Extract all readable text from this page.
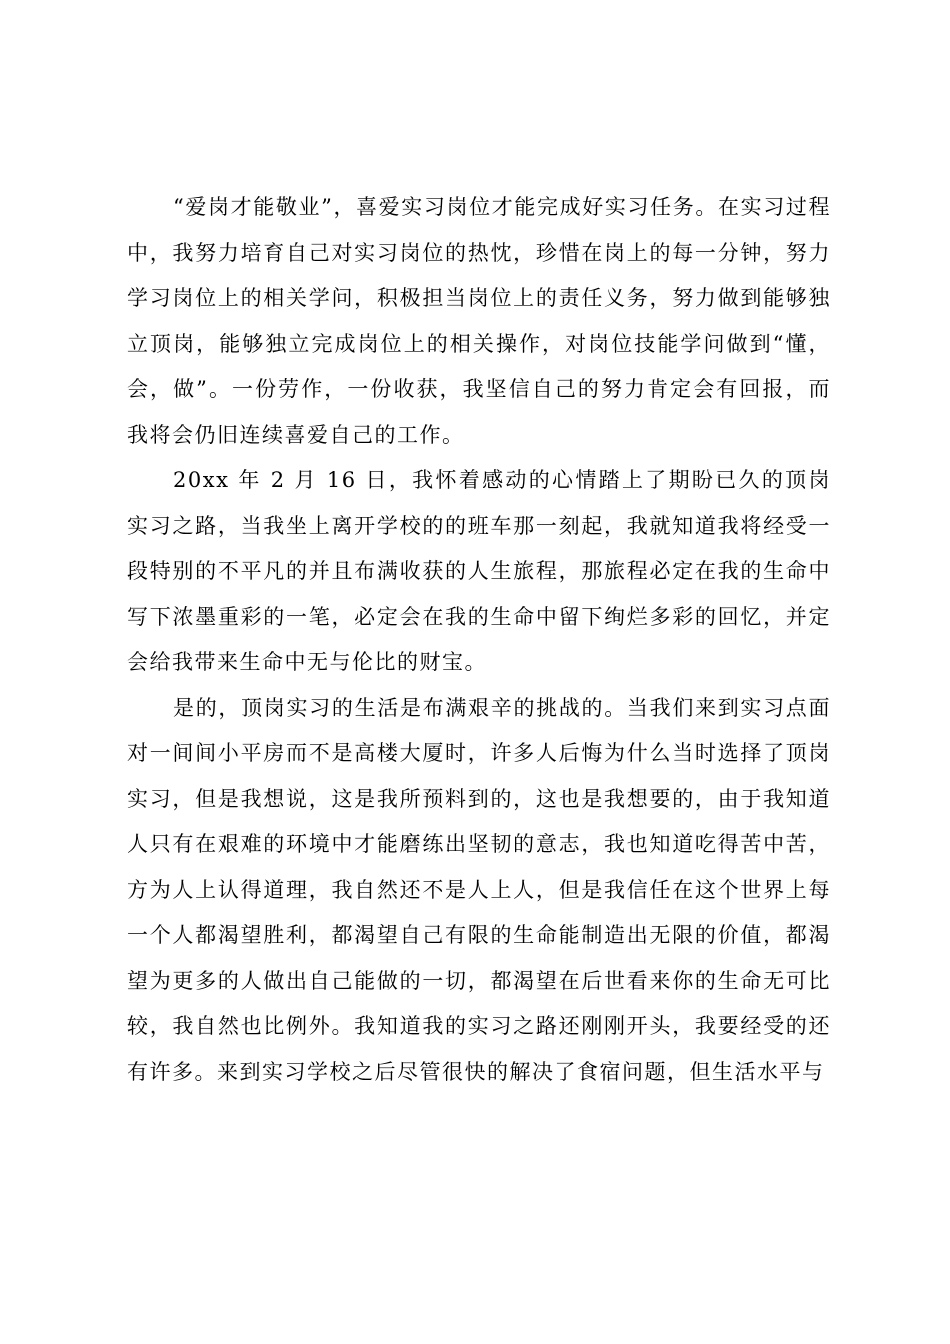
“爱岗才能敬业”，喜爱实习岗位才能完成好实习任务。在实习过程中，我努力培育自己对实习岗位的热忱，珍惜在岗上的每一分钟，努力学习岗位上的相关学问，积极担当岗位上的责任义务，努力做到能够独立顶岗，能够独立完成岗位上的相关操作，对岗位技能学问做到“懂，会，做”。一份劳作，一份收获，我坚信自己的努力肯定会有回报，而我将会仍旧连续喜爱自己的工作。

20xx 年 2 月 16 日，我怀着感动的心情踏上了期盼已久的顶岗实习之路，当我坐上离开学校的的班车那一刻起，我就知道我将经受一段特别的不平凡的并且布满收获的人生旅程，那旅程必定在我的生命中写下浓墨重彩的一笔，必定会在我的生命中留下绚烂多彩的回忆，并定会给我带来生命中无与伦比的财宝。

是的，顶岗实习的生活是布满艰辛的挑战的。当我们来到实习点面对一间间小平房而不是高楼大厦时，许多人后悔为什么当时选择了顶岗实习，但是我想说，这是我所预料到的，这也是我想要的，由于我知道人只有在艰难的环境中才能磨练出坚韧的意志，我也知道吃得苦中苦，方为人上认得道理，我自然还不是人上人，但是我信任在这个世界上每一个人都渴望胜利，都渴望自己有限的生命能制造出无限的价值，都渴望为更多的人做出自己能做的一切，都渴望在后世看来你的生命无可比较，我自然也比例外。我知道我的实习之路还刚刚开头，我要经受的还有许多。来到实习学校之后尽管很快的解决了食宿问题，但生活水平与
